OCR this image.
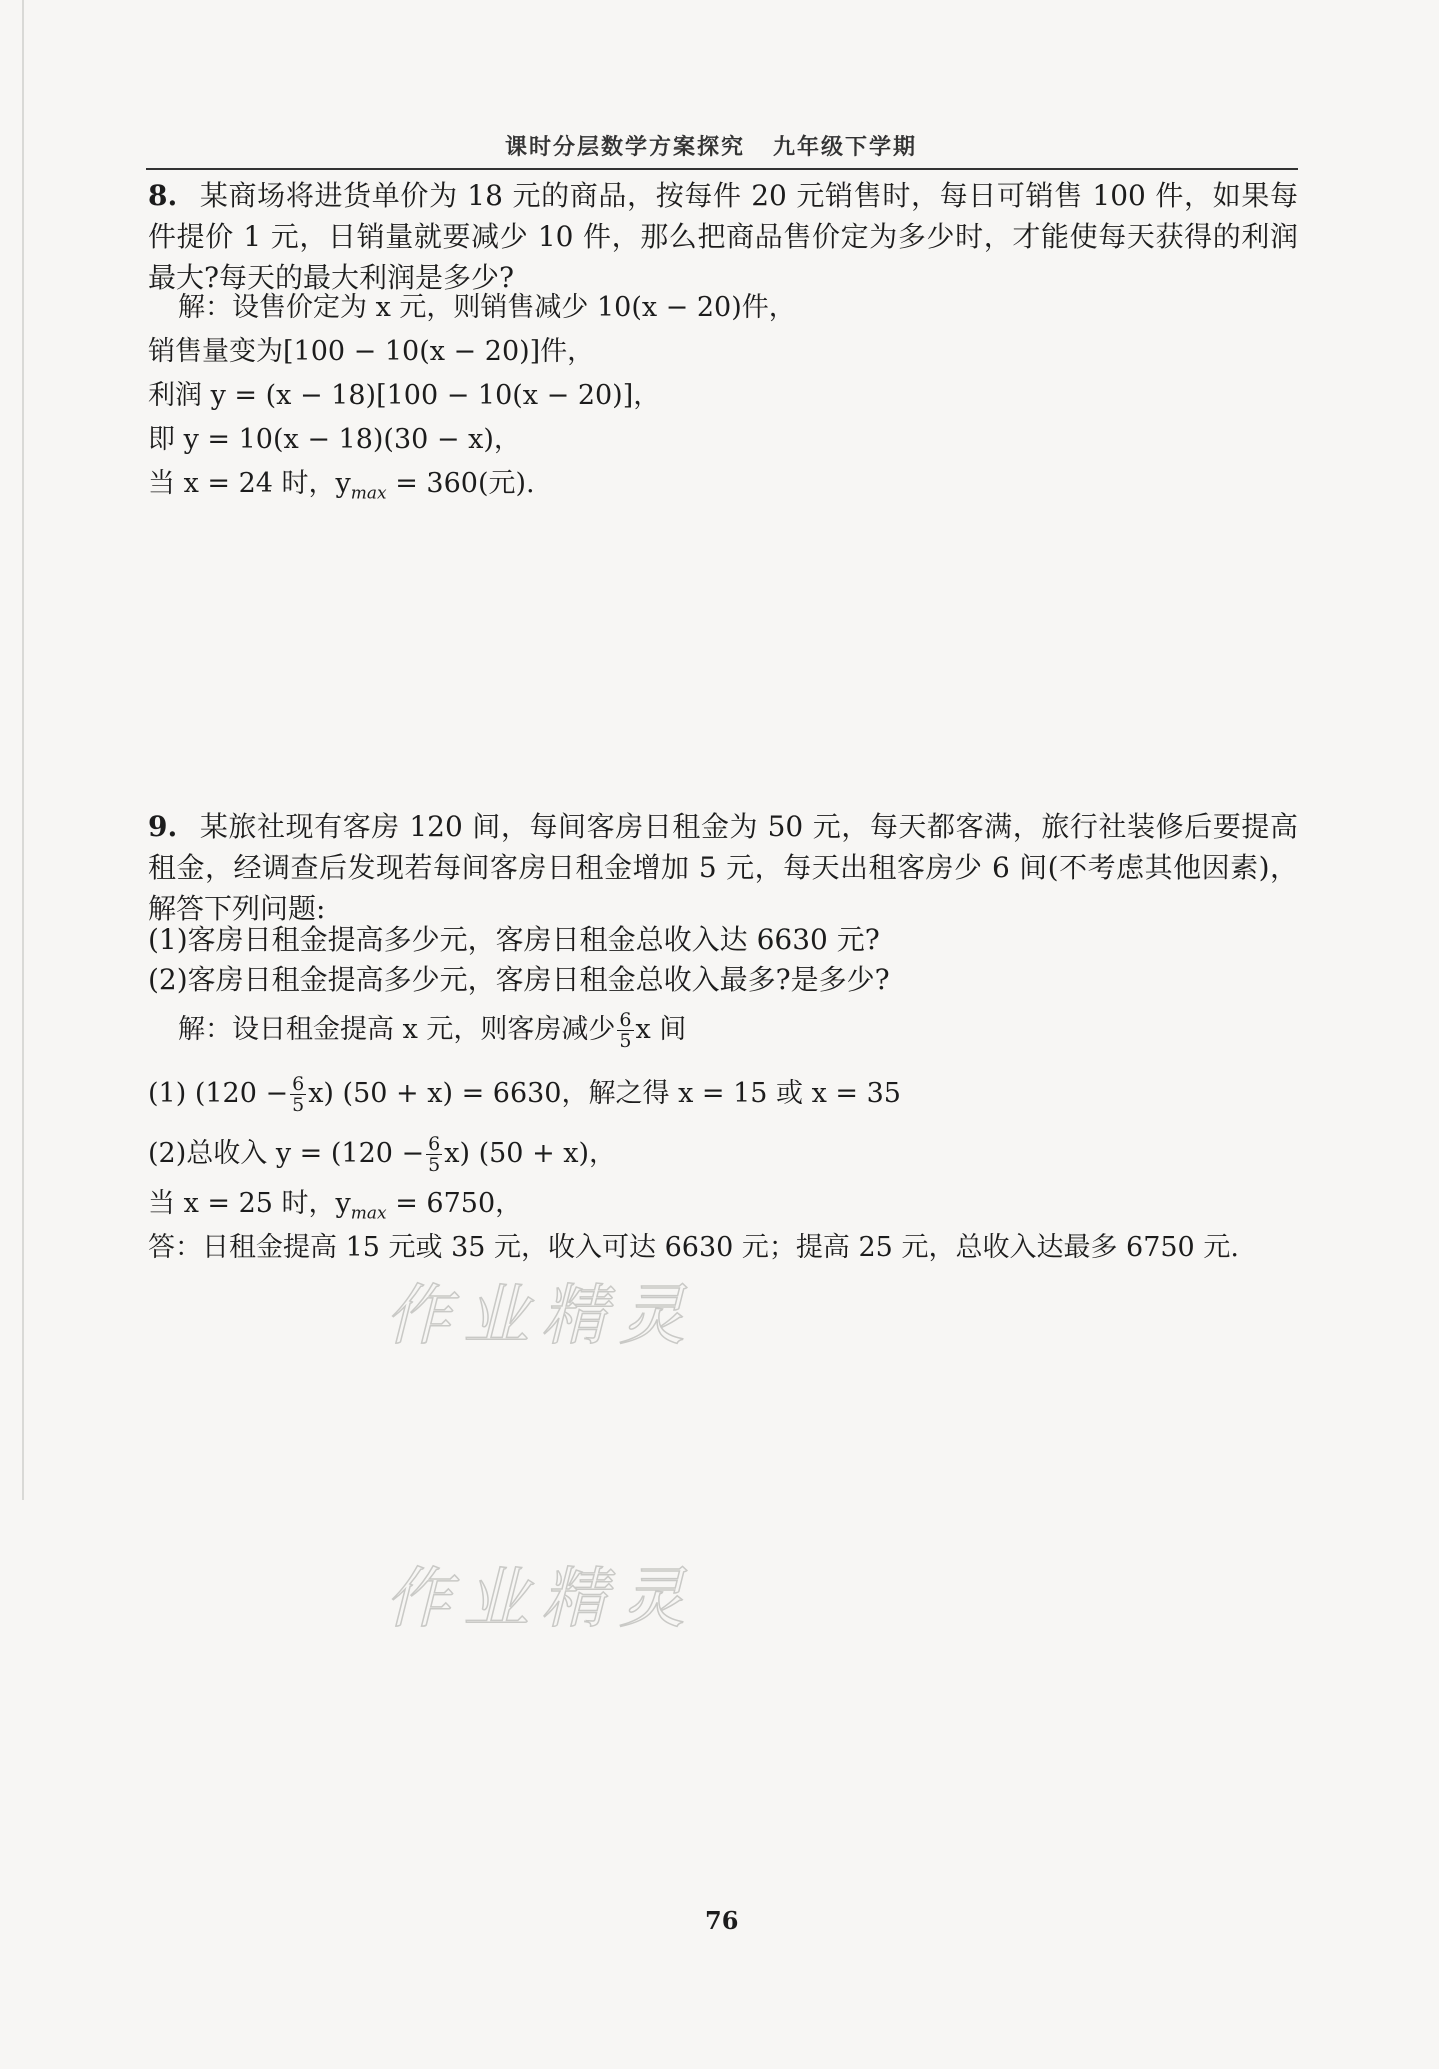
课时分层数学方案探究 九年级下学期
8. 某商场将进货单价为 18 元的商品，按每件 20 元销售时，每日可销售 100 件，如果每件提价 1 元，日销量就要减少 10 件，那么把商品售价定为多少时，才能使每天获得的利润最大?每天的最大利润是多少?
解：设售价定为 x 元，则销售减少 10(x − 20)件，
销售量变为[100 − 10(x − 20)]件，
利润 y = (x − 18)[100 − 10(x − 20)]，
即 y = 10(x − 18)(30 − x)，
当 x = 24 时，$y_{max} = 360$(元).
9. 某旅社现有客房 120 间，每间客房日租金为 50 元，每天都客满，旅行社装修后要提高租金，经调查后发现若每间客房日租金增加 5 元，每天出租客房少 6 间(不考虑其他因素)，解答下列问题:
(1)客房日租金提高多少元，客房日租金总收入达 6630 元?
(2)客房日租金提高多少元，客房日租金总收入最多?是多少?
解：设日租金提高 x 元，则客房减少 $\frac{6}{5}$ x 间
(1) $(120 - \frac{6}{5} x)$ (50 + x) = 6630，解之得 x = 15 或 x = 35
(2)总收入 $y = (120 - \frac{6}{5} x)$ (50 + x)，
当 x = 25 时，$y_{max} = 6750$，
答：日租金提高 15 元或 35 元，收入可达 6630 元；提高 25 元，总收入达最多 6750 元.
作业精灵
作业精灵
76
